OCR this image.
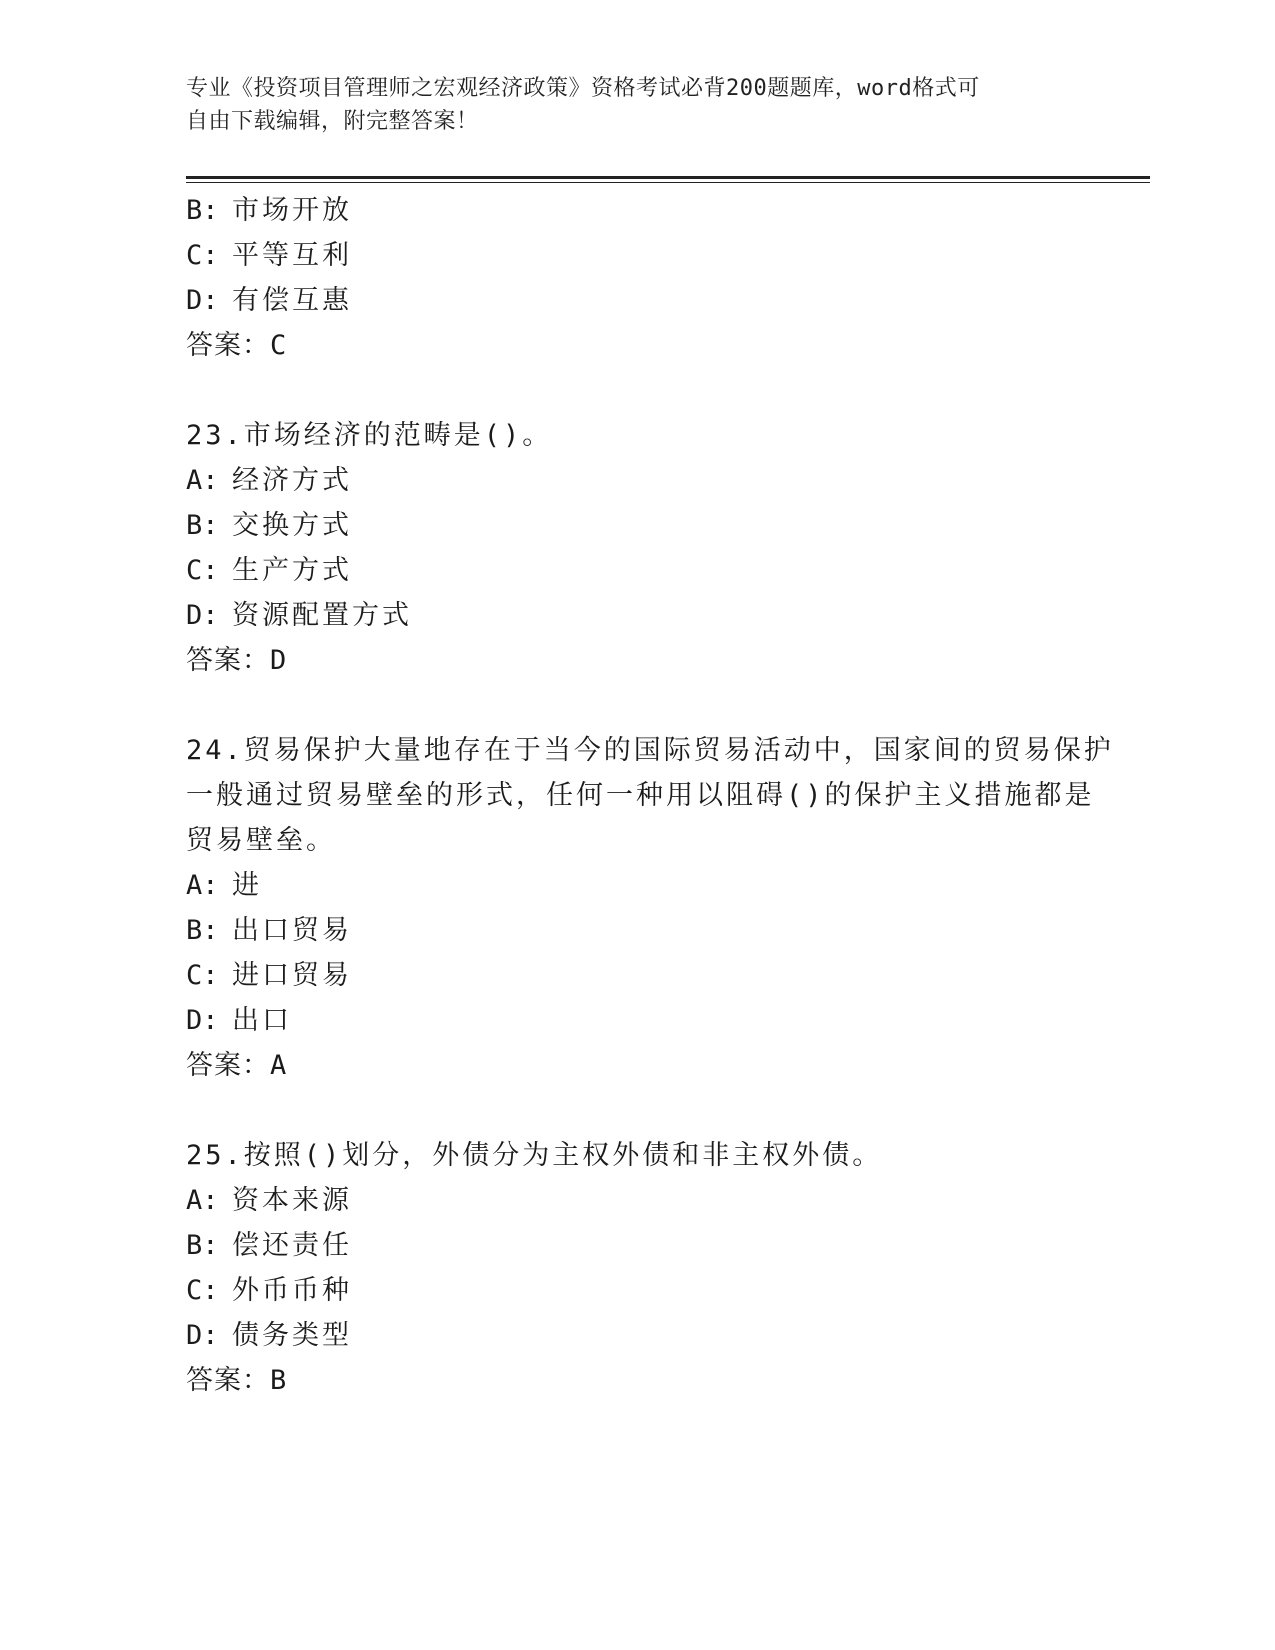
专业《投资项目管理师之宏观经济政策》资格考试必背200题题库，word格式可
自由下载编辑，附完整答案！
B: 市场开放
C: 平等互利
D: 有偿互惠
答案：C
23.市场经济的范畴是()。
A: 经济方式
B: 交换方式
C: 生产方式
D: 资源配置方式
答案：D
24.贸易保护大量地存在于当今的国际贸易活动中，国家间的贸易保护
一般通过贸易壁垒的形式，任何一种用以阻碍()的保护主义措施都是
贸易壁垒。
A: 进
B: 出口贸易
C: 进口贸易
D: 出口
答案：A
25.按照()划分，外债分为主权外债和非主权外债。
A: 资本来源
B: 偿还责任
C: 外币币种
D: 债务类型
答案：B
